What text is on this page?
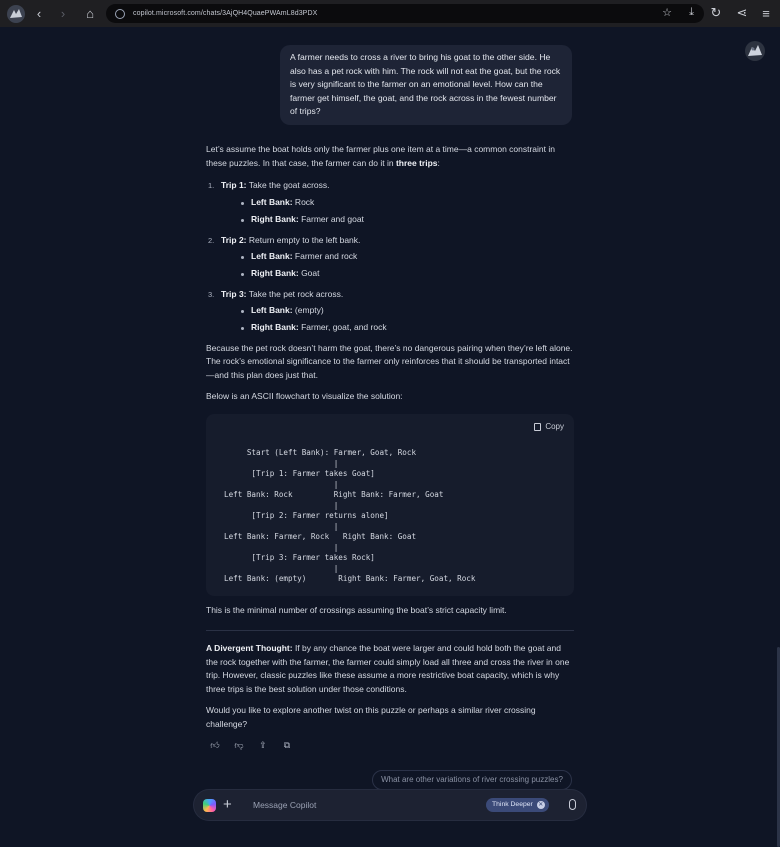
‹	›	⌂	copilot.microsoft.com/chats/3AjQH4QuaePWAmL8d3PDX	☆ ⤓ ↻ ⋖	≡
A farmer needs to cross a river to bring his goat to the other side. He also has a pet rock with him. The rock will not eat the goat, but the rock is very significant to the farmer on an emotional level. How can the farmer get himself, the goat, and the rock across in the fewest number of trips?

Let’s assume the boat holds only the farmer plus one item at a time—a common constraint in these puzzles. In that case, the farmer can do it in three trips:

1. Trip 1: Take the goat across.
Left Bank: Rock
Right Bank: Farmer and goat
2. Trip 2: Return empty to the left bank.
Left Bank: Farmer and rock
Right Bank: Goat
3. Trip 3: Take the pet rock across.
Left Bank: (empty)
Right Bank: Farmer, goat, and rock

Because the pet rock doesn’t harm the goat, there’s no dangerous pairing when they’re left alone. The rock’s emotional significance to the farmer only reinforces that it should be transported intact—and this plan does just that.

Below is an ASCII flowchart to visualize the solution:

Copy
Start (Left Bank): Farmer, Goat, Rock
|
[Trip 1: Farmer takes Goat]
|
Left Bank: Rock         Right Bank: Farmer, Goat
|
[Trip 2: Farmer returns alone]
|
Left Bank: Farmer, Rock   Right Bank: Goat
|
[Trip 3: Farmer takes Rock]
|
Left Bank: (empty)       Right Bank: Farmer, Goat, Rock
This is the minimal number of crossings assuming the boat’s strict capacity limit.

A Divergent Thought: If by any chance the boat were larger and could hold both the goat and the rock together with the farmer, the farmer could simply load all three and cross the river in one trip. However, classic puzzles like these assume a more restrictive boat capacity, which is why three trips is the best solution under those conditions.

Would you like to explore another twist on this puzzle or perhaps a similar river crossing challenge?

👍︎ 👎︎ ⇪ ⧉
What are other variations of river crossing puzzles?
+ Message Copilot	Think Deeper ✕
